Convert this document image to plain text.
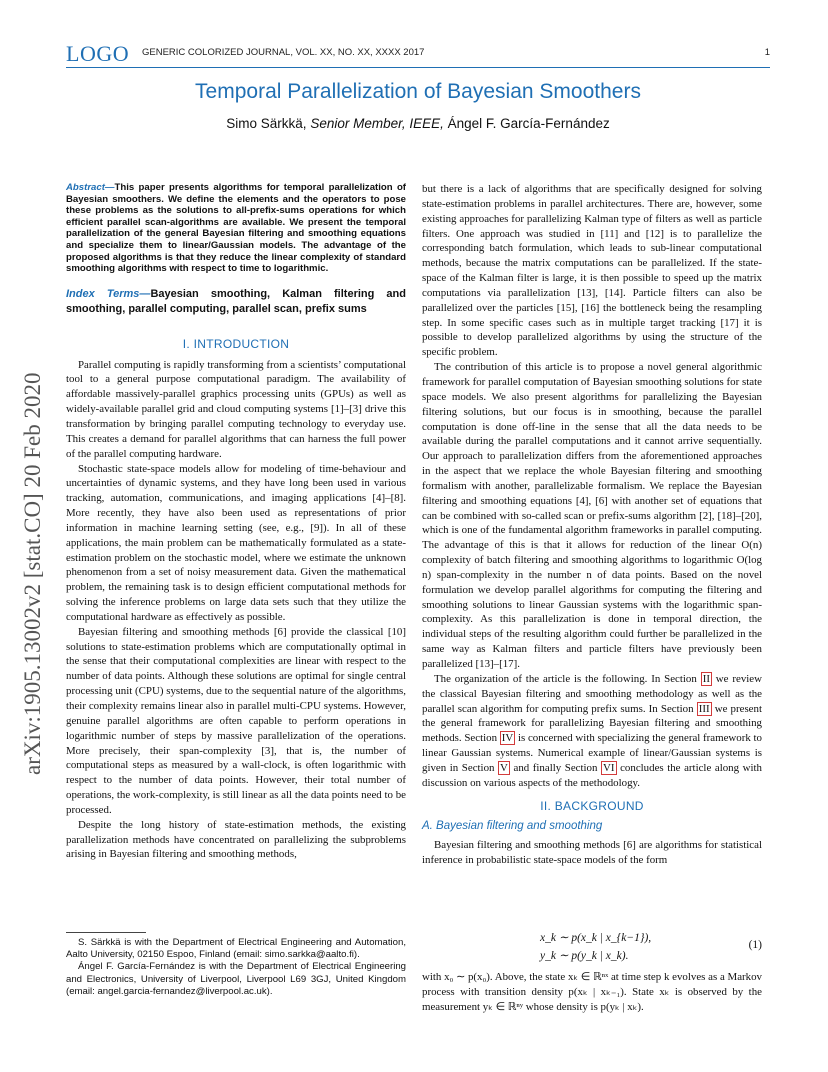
LOGO GENERIC COLORIZED JOURNAL, VOL. XX, NO. XX, XXXX 2017	1
Temporal Parallelization of Bayesian Smoothers
Simo Särkkä, Senior Member, IEEE, Ángel F. García-Fernández
arXiv:1905.13002v2 [stat.CO] 20 Feb 2020

Abstract—This paper presents algorithms for temporal parallelization of Bayesian smoothers. We define the elements and the operators to pose these problems as the solutions to all-prefix-sums operations for which efficient parallel scan-algorithms are available. We present the temporal parallelization of the general Bayesian filtering and smoothing equations and specialize them to linear/Gaussian models. The advantage of the proposed algorithms is that they reduce the linear complexity of standard smoothing algorithms with respect to time to logarithmic.

Index Terms—Bayesian smoothing, Kalman filtering and smoothing, parallel computing, parallel scan, prefix sums

I. INTRODUCTION

Parallel computing is rapidly transforming from a scientists’ computational tool to a general purpose computational paradigm. The availability of affordable massively-parallel graphics processing units (GPUs) as well as widely-available parallel grid and cloud computing systems [1]–[3] drive this transformation by bringing parallel computing technology to everyday use. This creates a demand for parallel algorithms that can harness the full power of the parallel computing hardware.

Stochastic state-space models allow for modeling of time-behaviour and uncertainties of dynamic systems, and they have long been used in various tracking, automation, communications, and imaging applications [4]–[8]. More recently, they have also been used as representations of prior information in machine learning setting (see, e.g., [9]). In all of these applications, the main problem can be mathematically formulated as a state-estimation problem on the stochastic model, where we estimate the unknown phenomenon from a set of noisy measurement data. Given the mathematical problem, the remaining task is to design efficient computational methods for solving the inference problems on large data sets such that they utilize the computational hardware as effectively as possible.

Bayesian filtering and smoothing methods [6] provide the classical [10] solutions to state-estimation problems which are computationally optimal in the sense that their computational complexities are linear with respect to the number of data points. Although these solutions are optimal for single central processing unit (CPU) systems, due to the sequential nature of the algorithms, their complexity remains linear also in parallel multi-CPU systems. However, genuine parallel algorithms are often capable to perform operations in logarithmic number of steps by massive parallelization of the operations. More precisely, their span-complexity [3], that is, the number of computational steps as measured by a wall-clock, is often logarithmic with respect to the number of data points. However, their total number of operations, the work-complexity, is still linear as all the data points need to be processed.

Despite the long history of state-estimation methods, the existing parallelization methods have concentrated on parallelizing the subproblems arising in Bayesian filtering and smoothing methods,

S. Särkkä is with the Department of Electrical Engineering and Automation, Aalto University, 02150 Espoo, Finland (email: simo.sarkka@aalto.fi).

Ángel F. García-Fernández is with the Department of Electrical Engineering and Electronics, University of Liverpool, Liverpool L69 3GJ, United Kingdom (email: angel.garcia-fernandez@liverpool.ac.uk).

but there is a lack of algorithms that are specifically designed for solving state-estimation problems in parallel architectures. There are, however, some existing approaches for parallelizing Kalman type of filters as well as particle filters. One approach was studied in [11] and [12] is to parallelize the corresponding batch formulation, which leads to sub-linear computational methods, because the matrix computations can be parallelized. If the state-space of the Kalman filter is large, it is then possible to speed up the matrix computations via parallelization [13], [14]. Particle filters can also be parallelized over the particles [15], [16] the bottleneck being the resampling step. In some specific cases such as in multiple target tracking [17] it is possible to develop parallelized algorithms by using the structure of the specific problem.

The contribution of this article is to propose a novel general algorithmic framework for parallel computation of Bayesian smoothing solutions for state space models. We also present algorithms for parallelizing the Bayesian filtering solutions, but our focus is in smoothing, because the parallel computation is done off-line in the sense that all the data needs to be available during the parallel computations and it cannot arrive sequentially. Our approach to parallelization differs from the aforementioned approaches in the aspect that we replace the whole Bayesian filtering and smoothing formalism with another, parallelizable formalism. We replace the Bayesian filtering and smoothing equations [4], [6] with another set of equations that can be combined with so-called scan or prefix-sums algorithm [2], [18]–[20], which is one of the fundamental algorithm frameworks in parallel computing. The advantage of this is that it allows for reduction of the linear O(n) complexity of batch filtering and smoothing algorithms to logarithmic O(log n) span-complexity in the number n of data points. Based on the novel formulation we develop parallel algorithms for computing the filtering and smoothing solutions to linear Gaussian systems with the logarithmic span-complexity. As this parallelization is done in temporal direction, the individual steps of the resulting algorithm could further be parallelized in the same way as Kalman filters and particle filters have previously been parallelized [13]–[17].

The organization of the article is the following. In Section II we review the classical Bayesian filtering and smoothing methodology as well as the parallel scan algorithm for computing prefix sums. In Section III we present the general framework for parallelizing Bayesian filtering and smoothing methods. Section IV is concerned with specializing the general framework to linear Gaussian systems. Numerical example of linear/Gaussian systems is given in Section V and finally Section VI concludes the article along with discussion on various aspects of the methodology.

II. BACKGROUND
A. Bayesian filtering and smoothing

Bayesian filtering and smoothing methods [6] are algorithms for statistical inference in probabilistic state-space models of the form

x_k ∼ p(x_k | x_{k−1}),
y_k ∼ p(y_k | x_k).
(1)
with x₀ ∼ p(x₀). Above, the state xₖ ∈ ℝⁿˣ at time step k evolves as a Markov process with transition density p(xₖ | xₖ₋₁). State xₖ is observed by the measurement yₖ ∈ ℝⁿʸ whose density is p(yₖ | xₖ).
